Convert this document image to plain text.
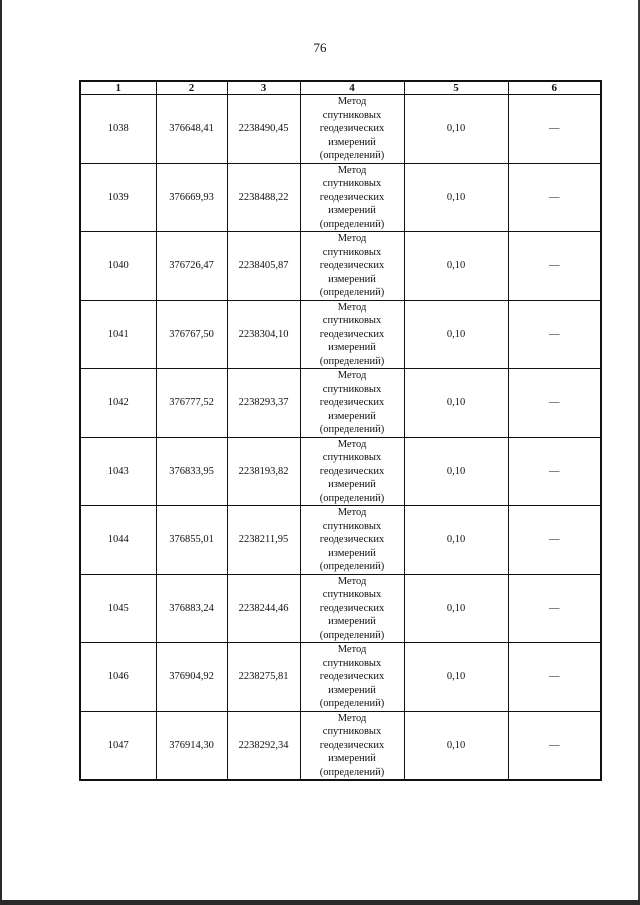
76
1	2	3	4	5	6
1038	376648,41	2238490,45	Метод
спутниковых
геодезических
измерений
(определений)	0,10	—
1039	376669,93	2238488,22	Метод
спутниковых
геодезических
измерений
(определений)	0,10	—
1040	376726,47	2238405,87	Метод
спутниковых
геодезических
измерений
(определений)	0,10	—
1041	376767,50	2238304,10	Метод
спутниковых
геодезических
измерений
(определений)	0,10	—
1042	376777,52	2238293,37	Метод
спутниковых
геодезических
измерений
(определений)	0,10	—
1043	376833,95	2238193,82	Метод
спутниковых
геодезических
измерений
(определений)	0,10	—
1044	376855,01	2238211,95	Метод
спутниковых
геодезических
измерений
(определений)	0,10	—
1045	376883,24	2238244,46	Метод
спутниковых
геодезических
измерений
(определений)	0,10	—
1046	376904,92	2238275,81	Метод
спутниковых
геодезических
измерений
(определений)	0,10	—
1047	376914,30	2238292,34	Метод
спутниковых
геодезических
измерений
(определений)	0,10	—
